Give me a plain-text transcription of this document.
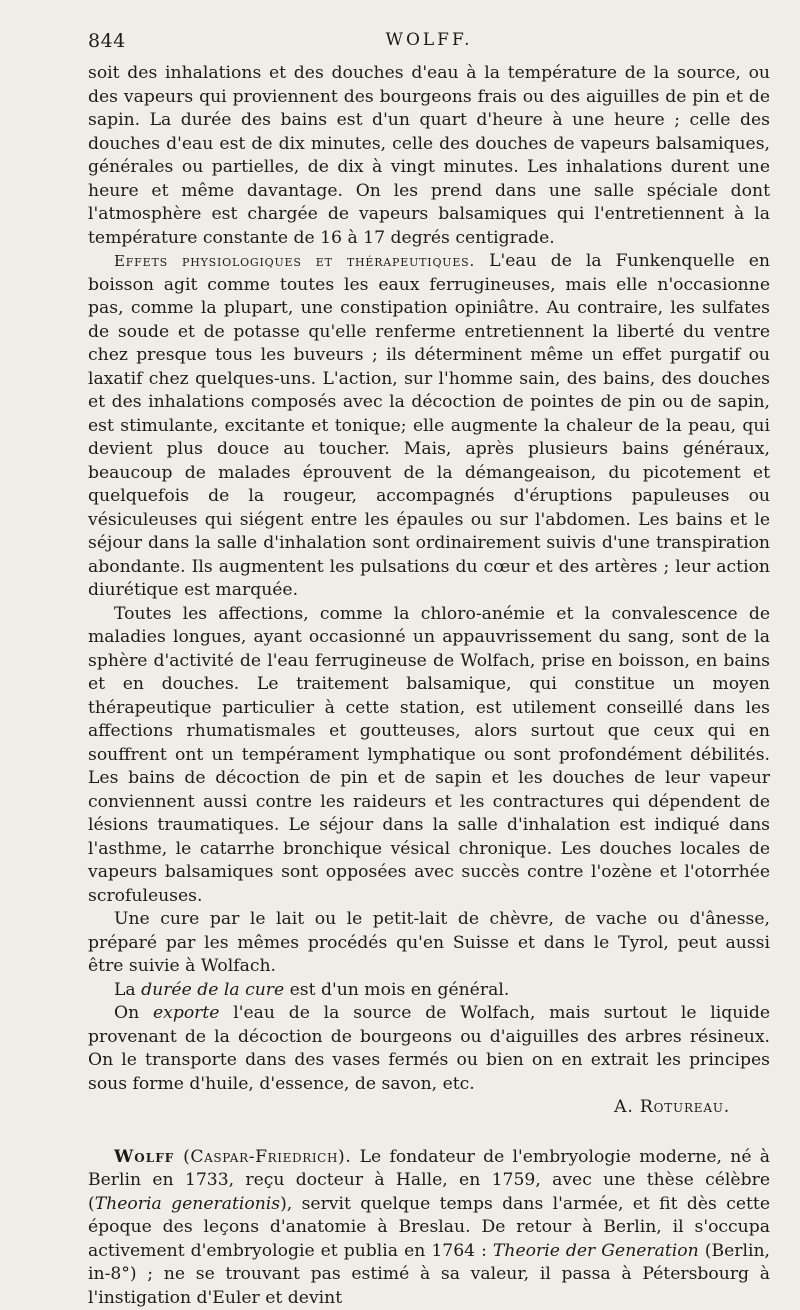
844	WOLFF.

soit des inhalations et des douches d'eau à la température de la source, ou des vapeurs qui proviennent des bourgeons frais ou des aiguilles de pin et de sapin. La durée des bains est d'un quart d'heure à une heure ; celle des douches d'eau est de dix minutes, celle des douches de vapeurs balsamiques, générales ou partielles, de dix à vingt minutes. Les inhalations durent une heure et même davantage. On les prend dans une salle spéciale dont l'atmosphère est chargée de vapeurs balsamiques qui l'entretiennent à la température constante de 16 à 17 degrés centigrade.

Effets physiologiques et thérapeutiques. L'eau de la Funkenquelle en boisson agit comme toutes les eaux ferrugineuses, mais elle n'occasionne pas, comme la plupart, une constipation opiniâtre. Au contraire, les sulfates de soude et de potasse qu'elle renferme entretiennent la liberté du ventre chez presque tous les buveurs ; ils déterminent même un effet purgatif ou laxatif chez quelques-uns. L'action, sur l'homme sain, des bains, des douches et des inhalations composés avec la décoction de pointes de pin ou de sapin, est stimulante, excitante et tonique; elle augmente la chaleur de la peau, qui devient plus douce au toucher. Mais, après plusieurs bains généraux, beaucoup de malades éprouvent de la démangeaison, du picotement et quelquefois de la rougeur, accompagnés d'éruptions papuleuses ou vésiculeuses qui siégent entre les épaules ou sur l'abdomen. Les bains et le séjour dans la salle d'inhalation sont ordinairement suivis d'une transpiration abondante. Ils augmentent les pulsations du cœur et des artères ; leur action diurétique est marquée.

Toutes les affections, comme la chloro-anémie et la convalescence de maladies longues, ayant occasionné un appauvrissement du sang, sont de la sphère d'activité de l'eau ferrugineuse de Wolfach, prise en boisson, en bains et en douches. Le traitement balsamique, qui constitue un moyen thérapeutique particulier à cette station, est utilement conseillé dans les affections rhumatismales et goutteuses, alors surtout que ceux qui en souffrent ont un tempérament lymphatique ou sont profondément débilités. Les bains de décoction de pin et de sapin et les douches de leur vapeur conviennent aussi contre les raideurs et les contractures qui dépendent de lésions traumatiques. Le séjour dans la salle d'inhalation est indiqué dans l'asthme, le catarrhe bronchique vésical chronique. Les douches locales de vapeurs balsamiques sont opposées avec succès contre l'ozène et l'otorrhée scrofuleuses.

Une cure par le lait ou le petit-lait de chèvre, de vache ou d'ânesse, préparé par les mêmes procédés qu'en Suisse et dans le Tyrol, peut aussi être suivie à Wolfach.

La durée de la cure est d'un mois en général.

On exporte l'eau de la source de Wolfach, mais surtout le liquide provenant de la décoction de bourgeons ou d'aiguilles des arbres résineux. On le transporte dans des vases fermés ou bien on en extrait les principes sous forme d'huile, d'essence, de savon, etc.

A. Rotureau.

Wolff (Caspar-Friedrich). Le fondateur de l'embryologie moderne, né à Berlin en 1733, reçu docteur à Halle, en 1759, avec une thèse célèbre (Theoria generationis), servit quelque temps dans l'armée, et fit dès cette époque des leçons d'anatomie à Breslau. De retour à Berlin, il s'occupa activement d'embryologie et publia en 1764 : Theorie der Generation (Berlin, in-8°) ; ne se trouvant pas estimé à sa valeur, il passa à Pétersbourg à l'instigation d'Euler et devint
